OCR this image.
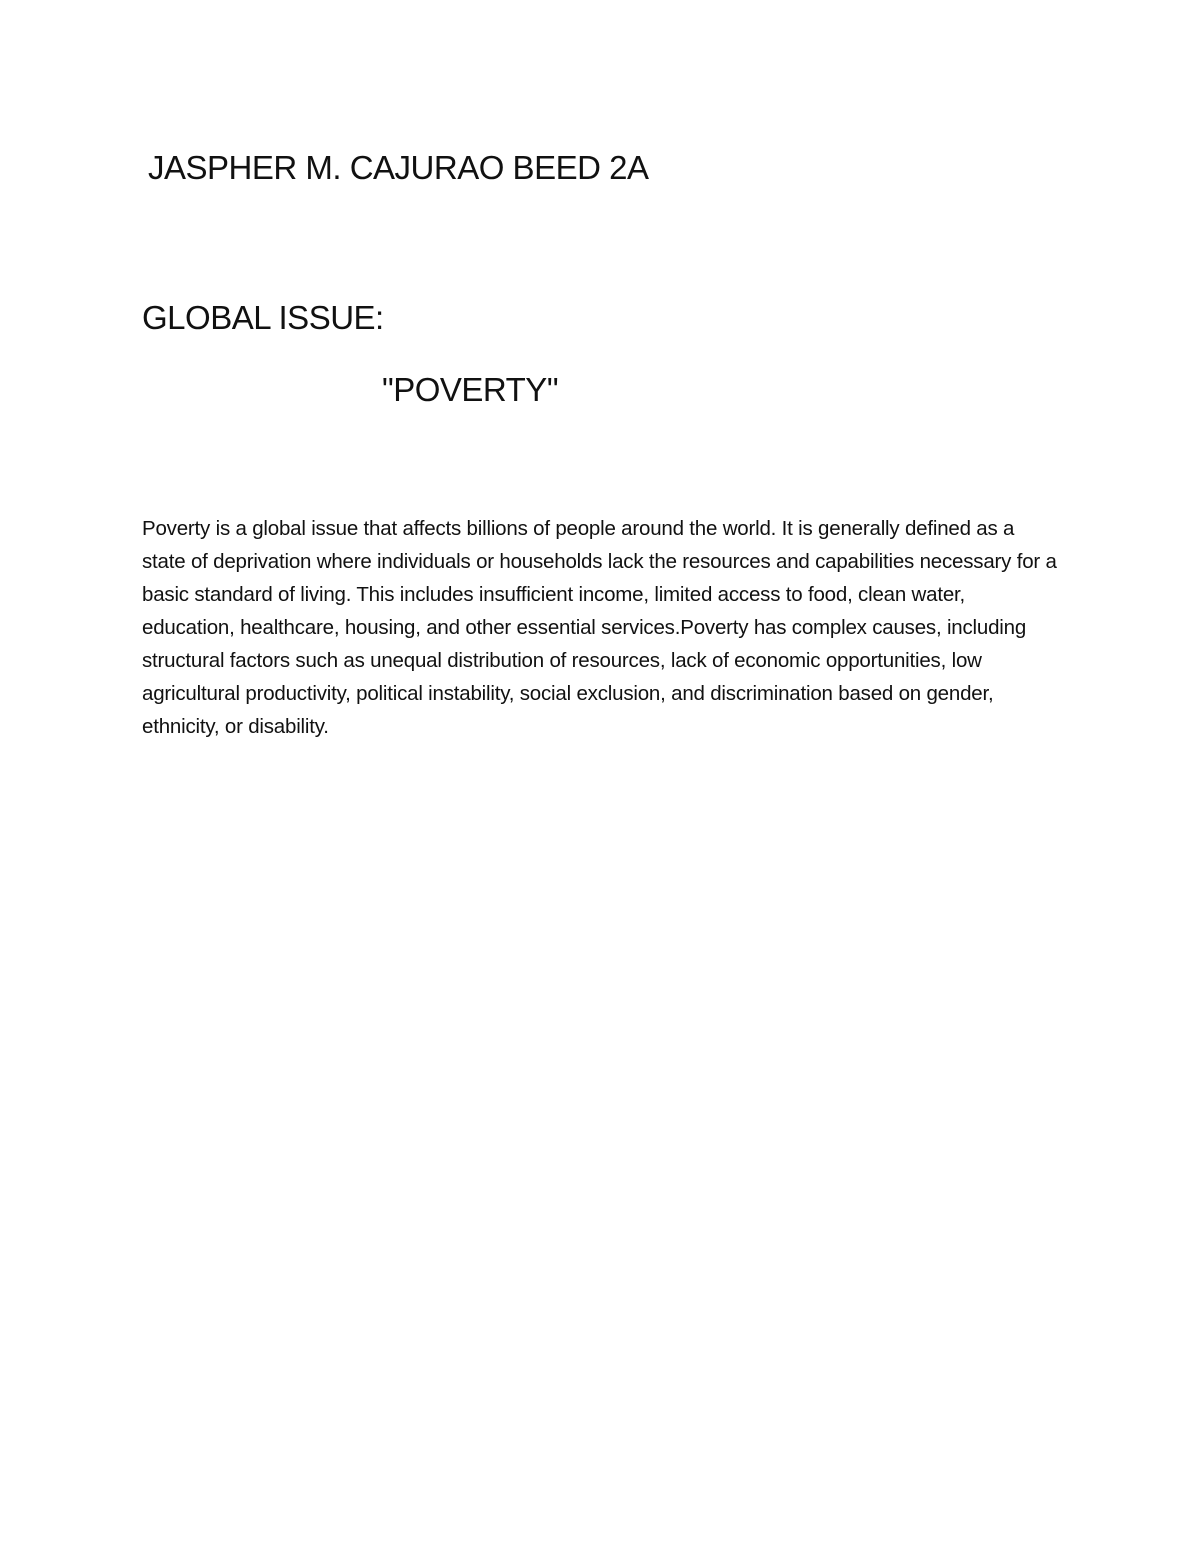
JASPHER M. CAJURAO BEED 2A
GLOBAL ISSUE:
"POVERTY"

Poverty is a global issue that affects billions of people around the world. It is generally defined as a state of deprivation where individuals or households lack the resources and capabilities necessary for a basic standard of living. This includes insufficient income, limited access to food, clean water, education, healthcare, housing, and other essential services.Poverty has complex causes, including structural factors such as unequal distribution of resources, lack of economic opportunities, low agricultural productivity, political instability, social exclusion, and discrimination based on gender, ethnicity, or disability.
